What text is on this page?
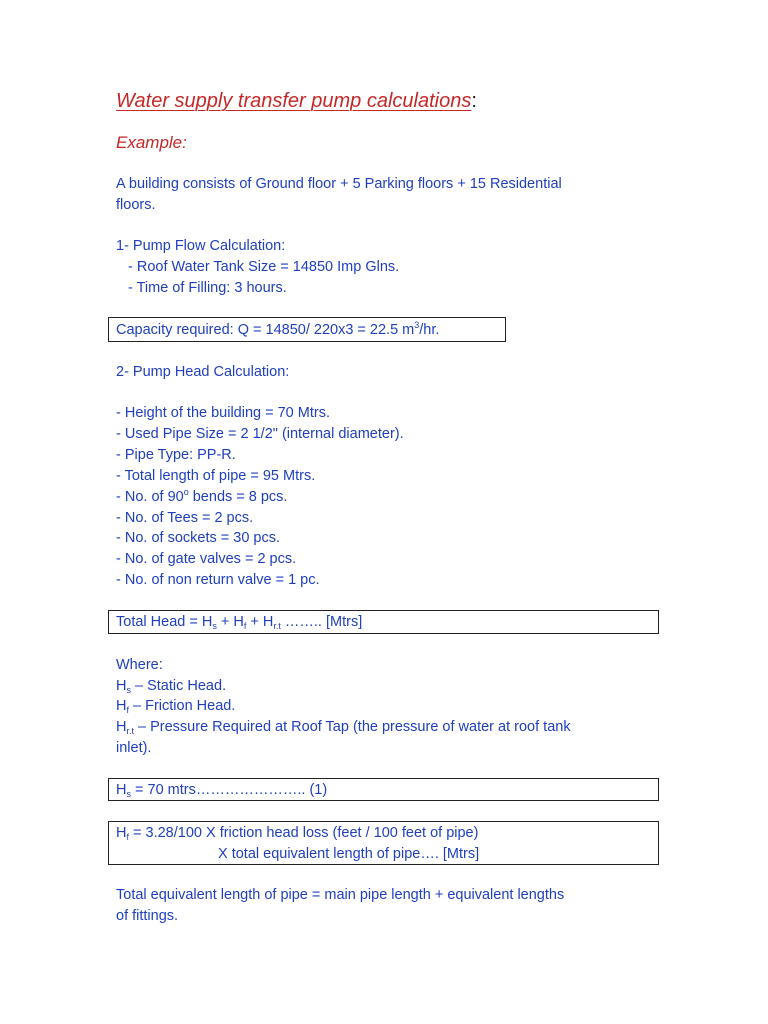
Water supply transfer pump calculations:
Example:
A building consists of Ground floor + 5 Parking floors + 15 Residential
floors.
1- Pump Flow Calculation:
- Roof Water Tank Size = 14850 Imp Glns.
- Time of Filling: 3 hours.
Capacity required: Q = 14850/ 220x3 = 22.5 $m^3/hr$.
2- Pump Head Calculation:
- Height of the building = 70 Mtrs.
- Used Pipe Size = 2 1/2" (internal diameter).
- Pipe Type: PP-R.
- Total length of pipe = 95 Mtrs.
- No. of 90$^o$ bends = 8 pcs.
- No. of Tees = 2 pcs.
- No. of sockets = 30 pcs.
- No. of gate valves = 2 pcs.
- No. of non return valve = 1 pc.
Total Head = $H_s + H_f + H_{r.t}$ …….. [Mtrs]
Where:
$H_s$ – Static Head.
$H_f$ – Friction Head.
$H_{r.t}$ – Pressure Required at Roof Tap (the pressure of water at roof tank
inlet).
$H_s = 70$ mtrs………………….. (1)
$H_f = 3.28/100$ X friction head loss (feet / 100 feet of pipe)
X total equivalent length of pipe…. [Mtrs]
Total equivalent length of pipe = main pipe length + equivalent lengths
of fittings.
